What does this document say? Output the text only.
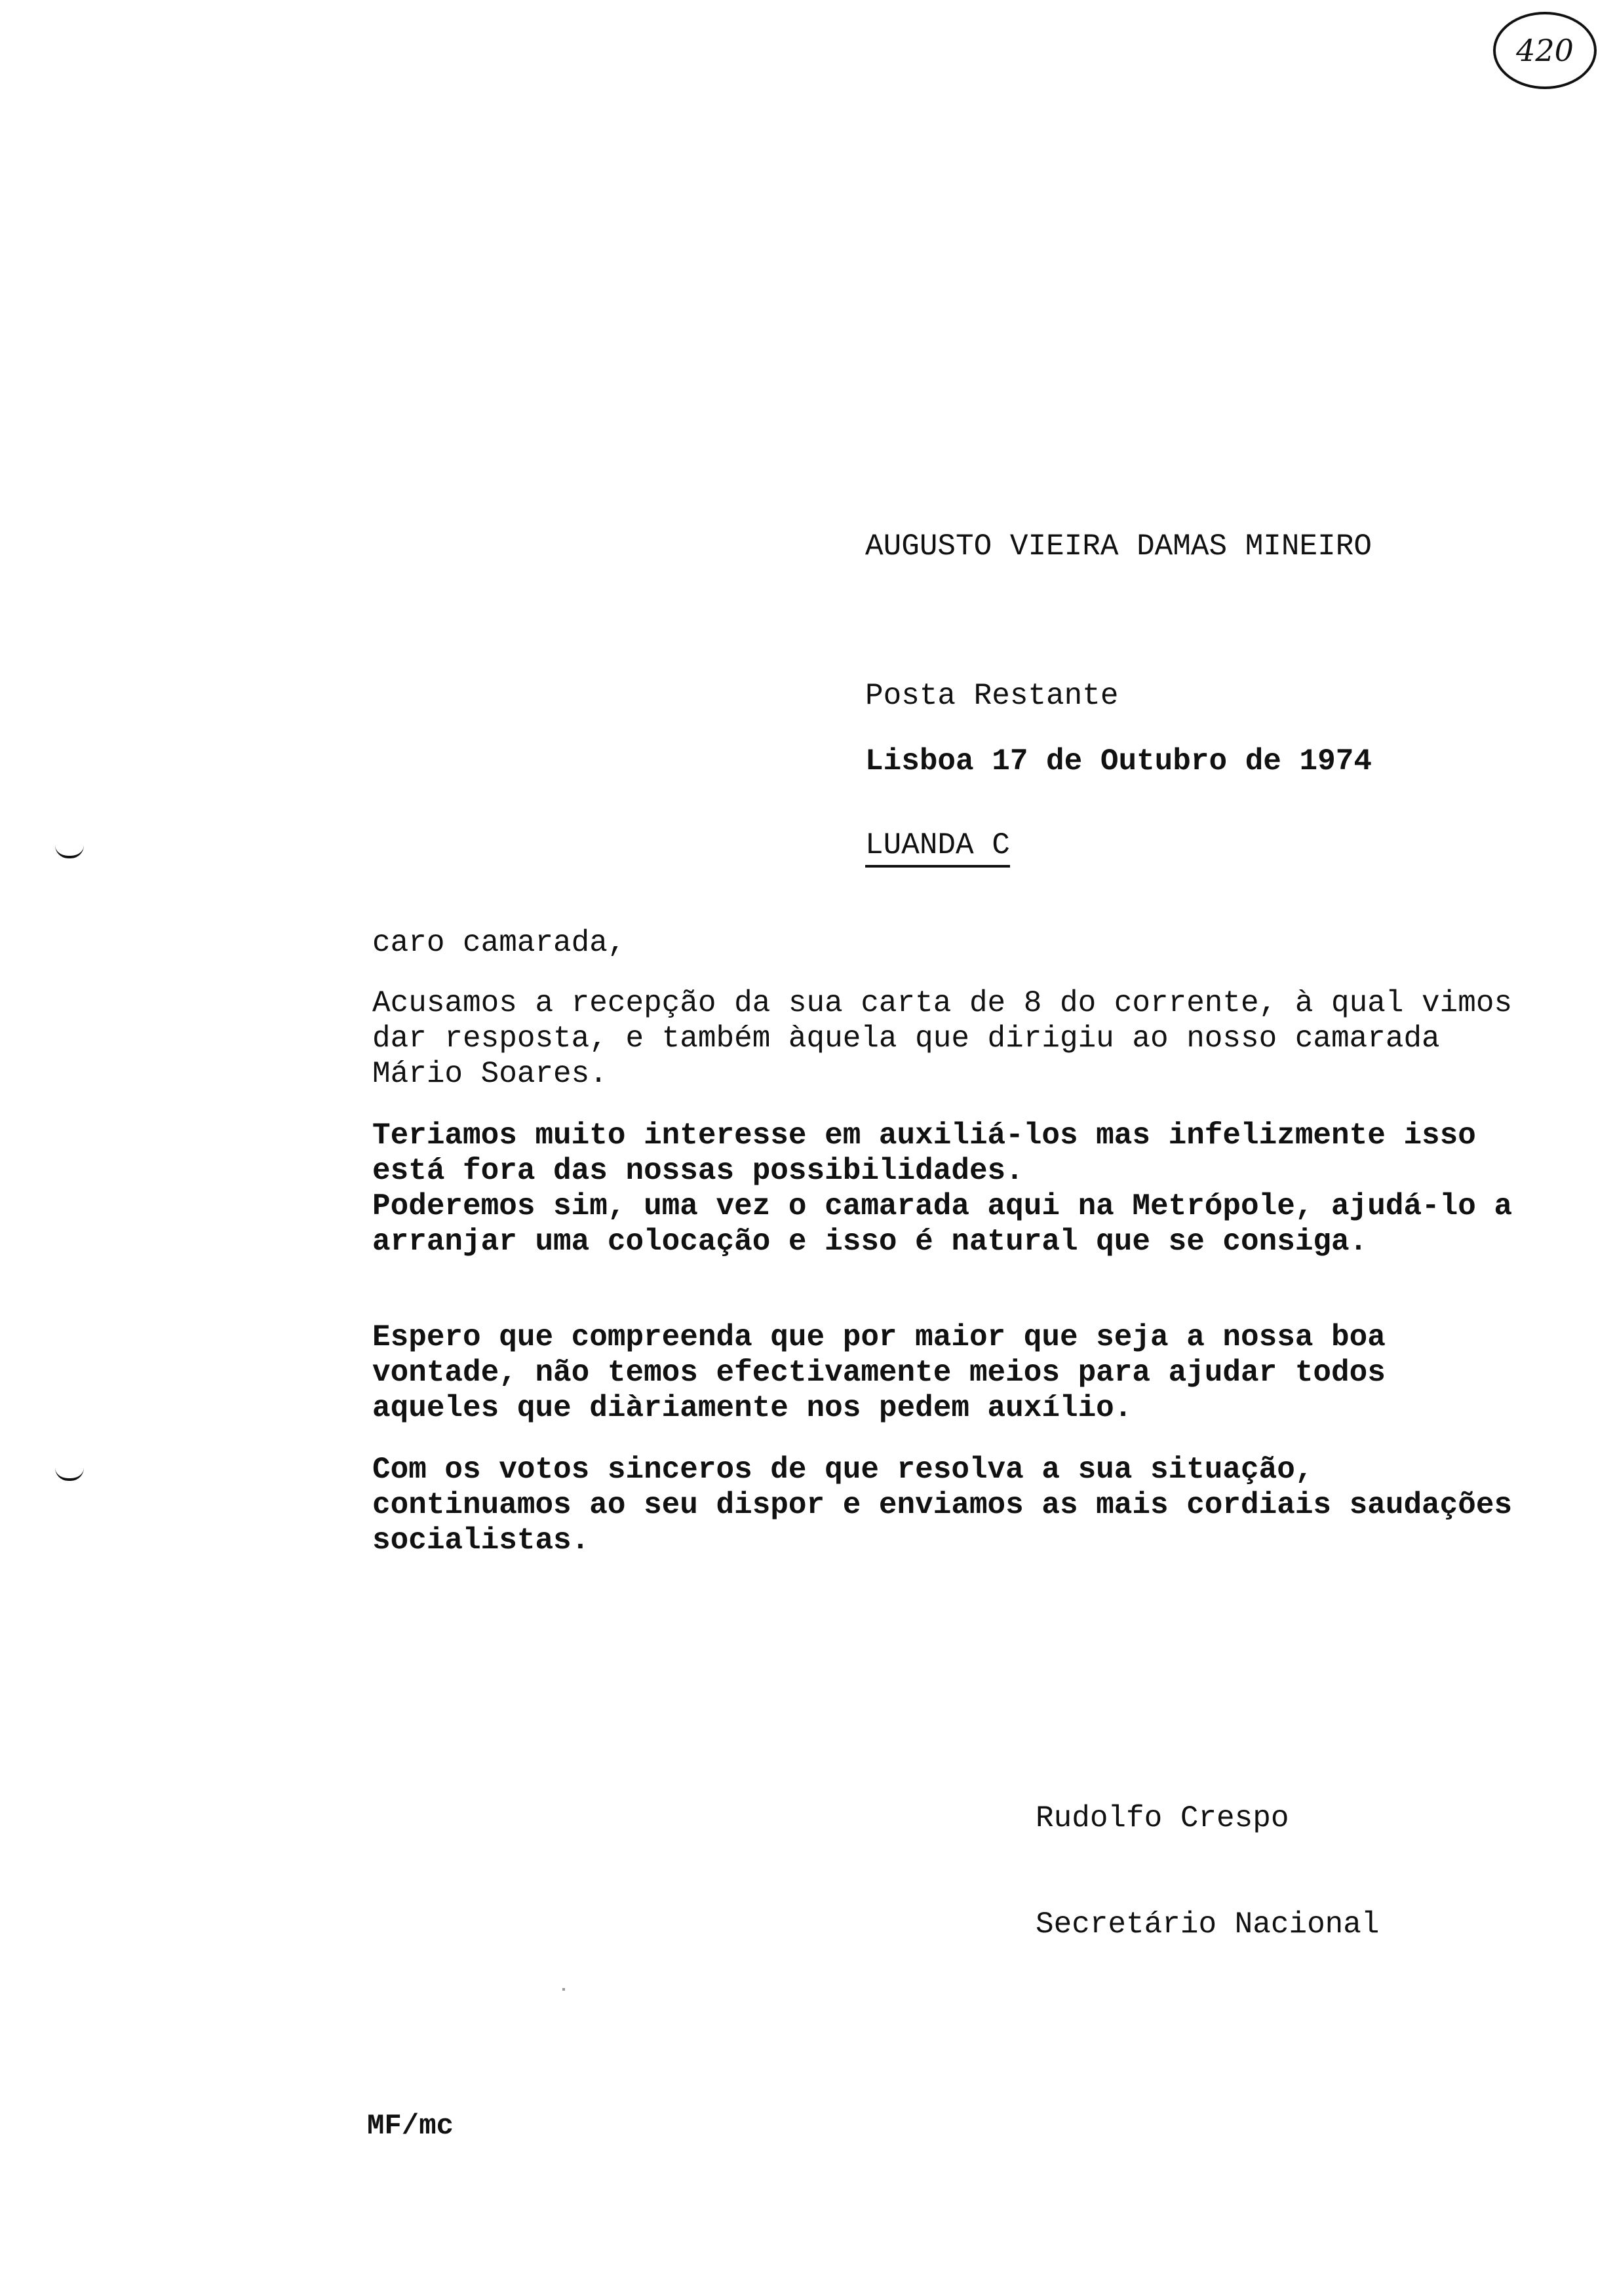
420

AUGUSTO VIEIRA DAMAS MINEIRO

Posta Restante

LUANDA C

Lisboa 17 de Outubro de 1974
caro camarada,
Acusamos a recepção da sua carta de 8 do corrente, à qual vimos dar resposta, e também àquela que dirigiu ao nosso camarada Mário Soares.
Teriamos muito interesse em auxiliá-los mas infelizmente isso está fora das nossas possibilidades.
Poderemos sim, uma vez o camarada aqui na Metrópole, ajudá-lo a arranjar uma colocação e isso é natural que se consiga.
Espero que compreenda que por maior que seja a nossa boa vontade, não temos efectivamente meios para ajudar todos aqueles que diàriamente nos pedem auxílio.
Com os votos sinceros de que resolva a sua situação, continuamos ao seu dispor e enviamos as mais cordiais saudações socialistas.

Rudolfo Crespo

Secretário Nacional

MF/mc
